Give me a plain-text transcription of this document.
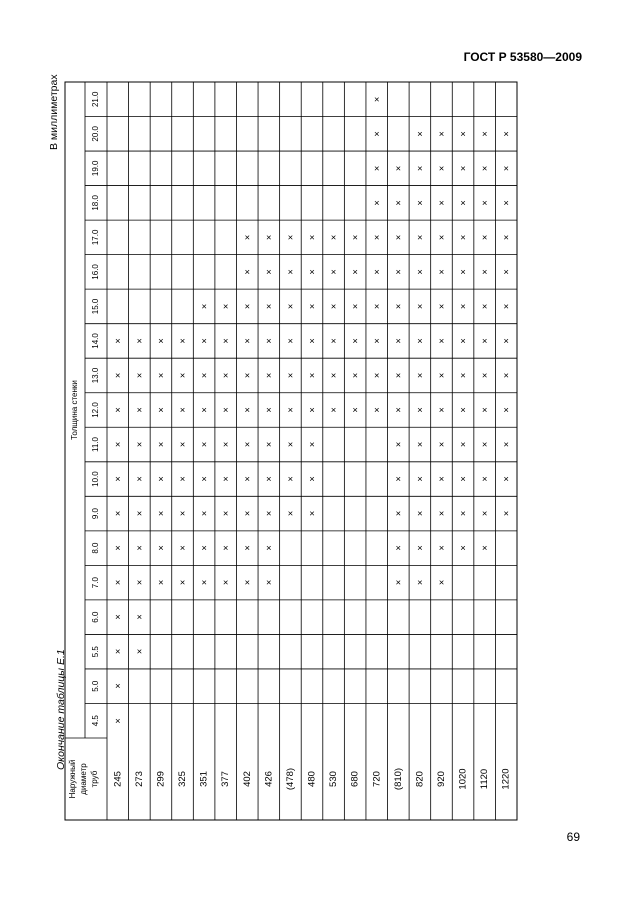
ГОСТ Р 53580—2009
Окончание таблицы Е.1
В миллиметрах
Наружный диаметр труб
Толщина стенки
4.5
5.0
5.5
6.0
7.0
8.0
9.0
10.0
11.0
12.0
13.0
14.0
15.0
16.0
17.0
18.0
19.0
20.0
21.0
245
×
×
×
×
×
×
×
×
×
×
×
×
273
×
×
×
×
×
×
×
×
×
×
299
×
×
×
×
×
×
×
×
325
×
×
×
×
×
×
×
×
351
×
×
×
×
×
×
×
×
×
377
×
×
×
×
×
×
×
×
×
402
×
×
×
×
×
×
×
×
×
×
×
426
×
×
×
×
×
×
×
×
×
×
×
(478)
×
×
×
×
×
×
×
×
×
480
×
×
×
×
×
×
×
×
×
530
×
×
×
×
×
×
680
×
×
×
×
×
×
720
×
×
×
×
×
×
×
×
×
×
(810)
×
×
×
×
×
×
×
×
×
×
×
×
×
820
×
×
×
×
×
×
×
×
×
×
×
×
×
×
920
×
×
×
×
×
×
×
×
×
×
×
×
×
×
1020
×
×
×
×
×
×
×
×
×
×
×
×
×
1120
×
×
×
×
×
×
×
×
×
×
×
×
×
1220
×
×
×
×
×
×
×
×
×
×
×
×
69
